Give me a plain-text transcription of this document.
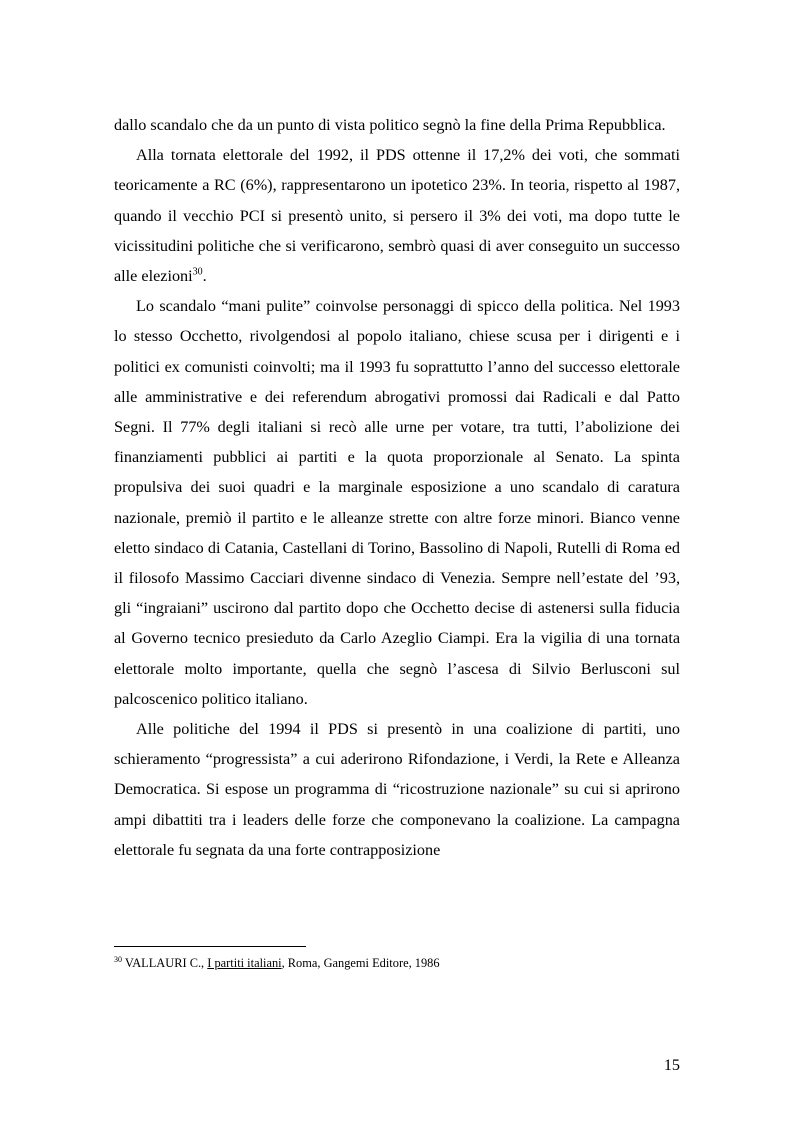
dallo scandalo che da un punto di vista politico segnò la fine della Prima Repubblica.

Alla tornata elettorale del 1992, il PDS ottenne il 17,2% dei voti, che sommati teoricamente a RC (6%), rappresentarono un ipotetico 23%. In teoria, rispetto al 1987, quando il vecchio PCI si presentò unito, si persero il 3% dei voti, ma dopo tutte le vicissitudini politiche che si verificarono, sembrò quasi di aver conseguito un successo alle elezioni$^{30}$.

Lo scandalo “mani pulite” coinvolse personaggi di spicco della politica. Nel 1993 lo stesso Occhetto, rivolgendosi al popolo italiano, chiese scusa per i dirigenti e i politici ex comunisti coinvolti; ma il 1993 fu soprattutto l’anno del successo elettorale alle amministrative e dei referendum abrogativi promossi dai Radicali e dal Patto Segni. Il 77% degli italiani si recò alle urne per votare, tra tutti, l’abolizione dei finanziamenti pubblici ai partiti e la quota proporzionale al Senato. La spinta propulsiva dei suoi quadri e la marginale esposizione a uno scandalo di caratura nazionale, premiò il partito e le alleanze strette con altre forze minori. Bianco venne eletto sindaco di Catania, Castellani di Torino, Bassolino di Napoli, Rutelli di Roma ed il filosofo Massimo Cacciari divenne sindaco di Venezia. Sempre nell’estate del ’93, gli “ingraiani” uscirono dal partito dopo che Occhetto decise di astenersi sulla fiducia al Governo tecnico presieduto da Carlo Azeglio Ciampi. Era la vigilia di una tornata elettorale molto importante, quella che segnò l’ascesa di Silvio Berlusconi sul palcoscenico politico italiano.

Alle politiche del 1994 il PDS si presentò in una coalizione di partiti, uno schieramento “progressista” a cui aderirono Rifondazione, i Verdi, la Rete e Alleanza Democratica. Si espose un programma di “ricostruzione nazionale” su cui si aprirono ampi dibattiti tra i leaders delle forze che componevano la coalizione. La campagna elettorale fu segnata da una forte contrapposizione

$^{30}$ VALLAURI C., I partiti italiani, Roma, Gangemi Editore, 1986
15
